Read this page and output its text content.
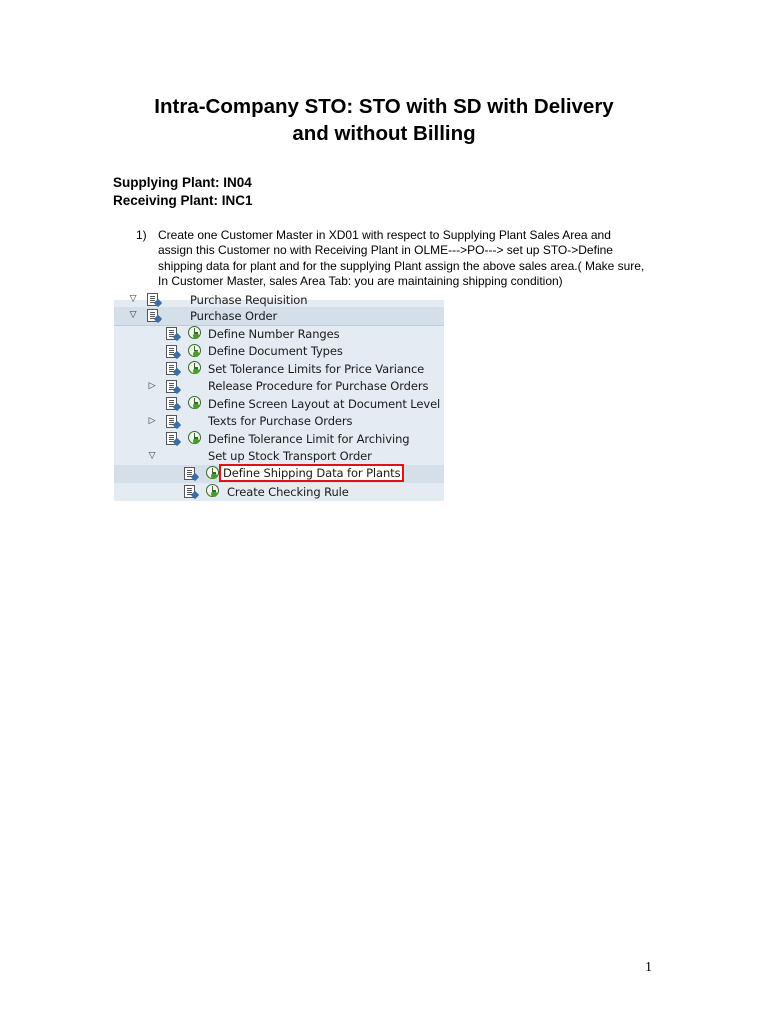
Intra-Company STO: STO with SD with Delivery
and without Billing
Supplying Plant: IN04
Receiving Plant: INC1
1) Create one Customer Master in XD01 with respect to Supplying Plant Sales Area and assign this Customer no with Receiving Plant in OLME--->PO---> set up STO->Define shipping data for plant and for the supplying Plant assign the above sales area.( Make sure, In Customer Master, sales Area Tab: you are maintaining shipping condition)
▽	Purchase Requisition
▽	Purchase Order
Define Number Ranges
Define Document Types
Set Tolerance Limits for Price Variance
▷	Release Procedure for Purchase Orders
Define Screen Layout at Document Level
▷	Texts for Purchase Orders
Define Tolerance Limit for Archiving
▽	Set up Stock Transport Order
Define Shipping Data for Plants
Create Checking Rule
1
